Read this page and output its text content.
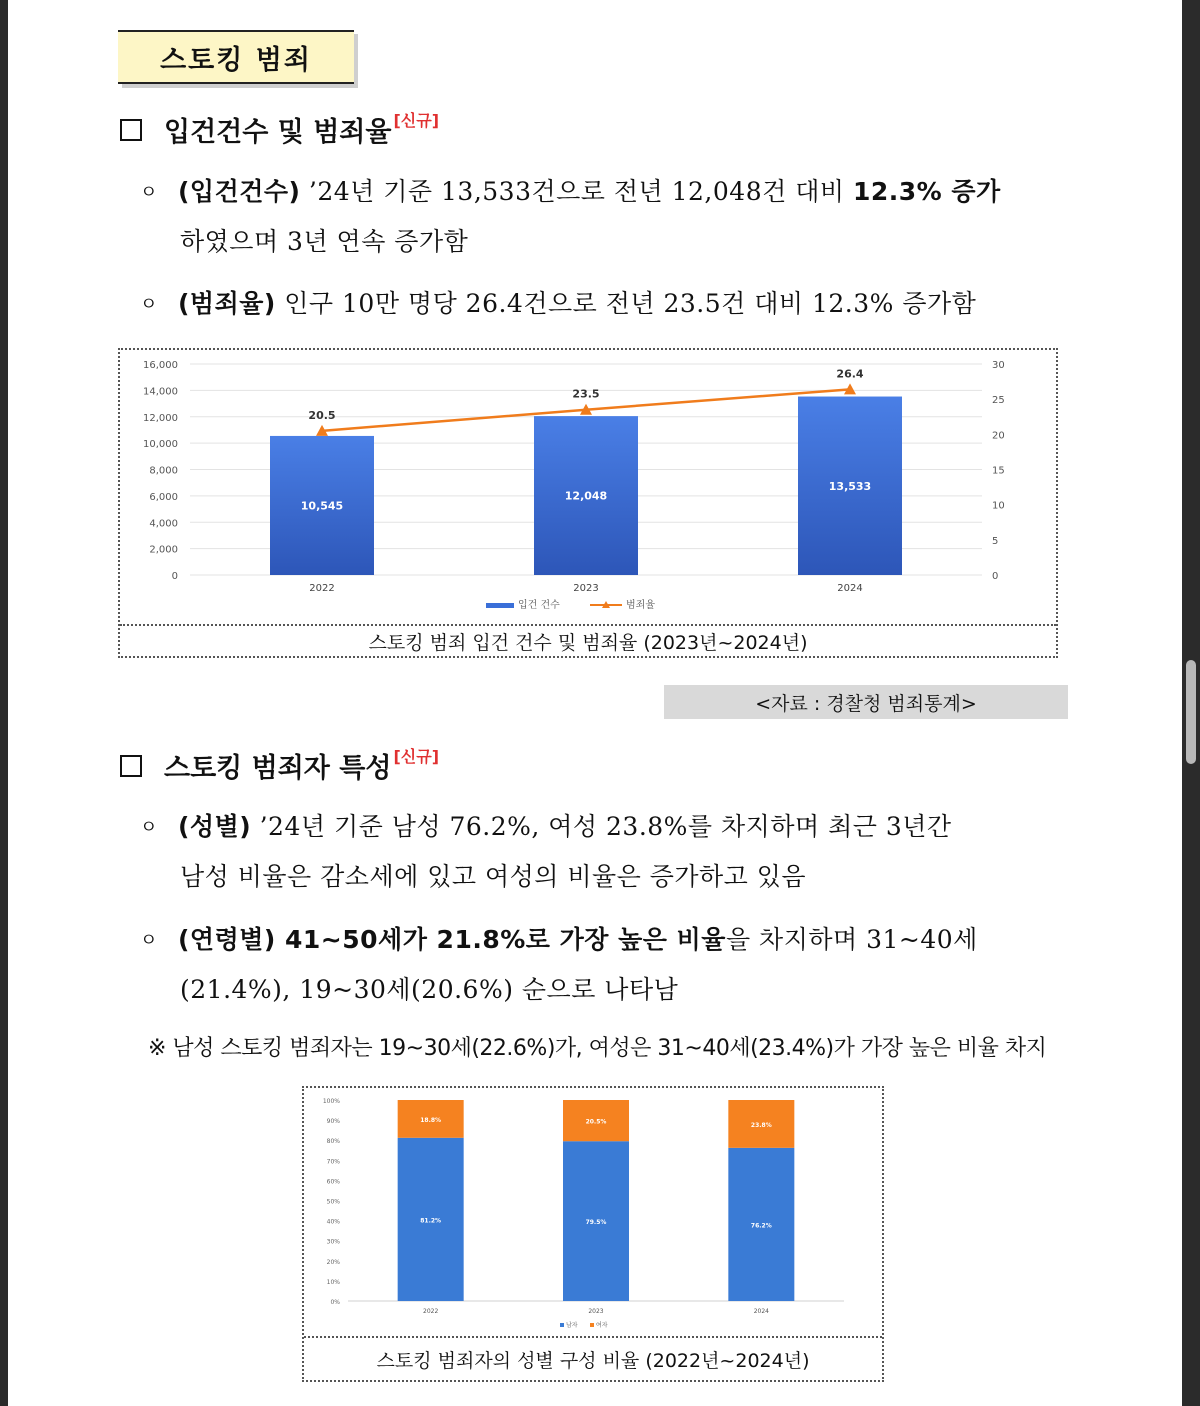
스토킹 범죄
입건건수 및 범죄율 [신규]
ㅇ (입건건수) ’24년 기준 13,533건으로 전년 12,048건 대비 12.3% 증가
하였으며 3년 연속 증가함
ㅇ (범죄율) 인구 10만 명당 26.4건으로 전년 23.5건 대비 12.3% 증가함
0
2,000
4,000
6,000
8,000
10,000
12,000
14,000
16,000
0
5
10
15
20
25
30
10,545
2022
12,048
2023
13,533
2024
20.5
23.5
26.4
입건 건수	범죄율
스토킹 범죄 입건 건수 및 범죄율 (2023년~2024년)
<자료 : 경찰청 범죄통계>
스토킹 범죄자 특성 [신규]
ㅇ (성별) ’24년 기준 남성 76.2%, 여성 23.8%를 차지하며 최근 3년간
남성 비율은 감소세에 있고 여성의 비율은 증가하고 있음
ㅇ (연령별) 41~50세가 21.8%로 가장 높은 비율을 차지하며 31~40세
(21.4%), 19~30세(20.6%) 순으로 나타남
※ 남성 스토킹 범죄자는 19~30세(22.6%)가, 여성은 31~40세(23.4%)가 가장 높은 비율 차지
0%
10%
20%
30%
40%
50%
60%
70%
80%
90%
100%
81.2%
18.8%
2022
79.5%
20.5%
2023
76.2%
23.8%
2024
남자	여자
스토킹 범죄자의 성별 구성 비율 (2022년~2024년)
